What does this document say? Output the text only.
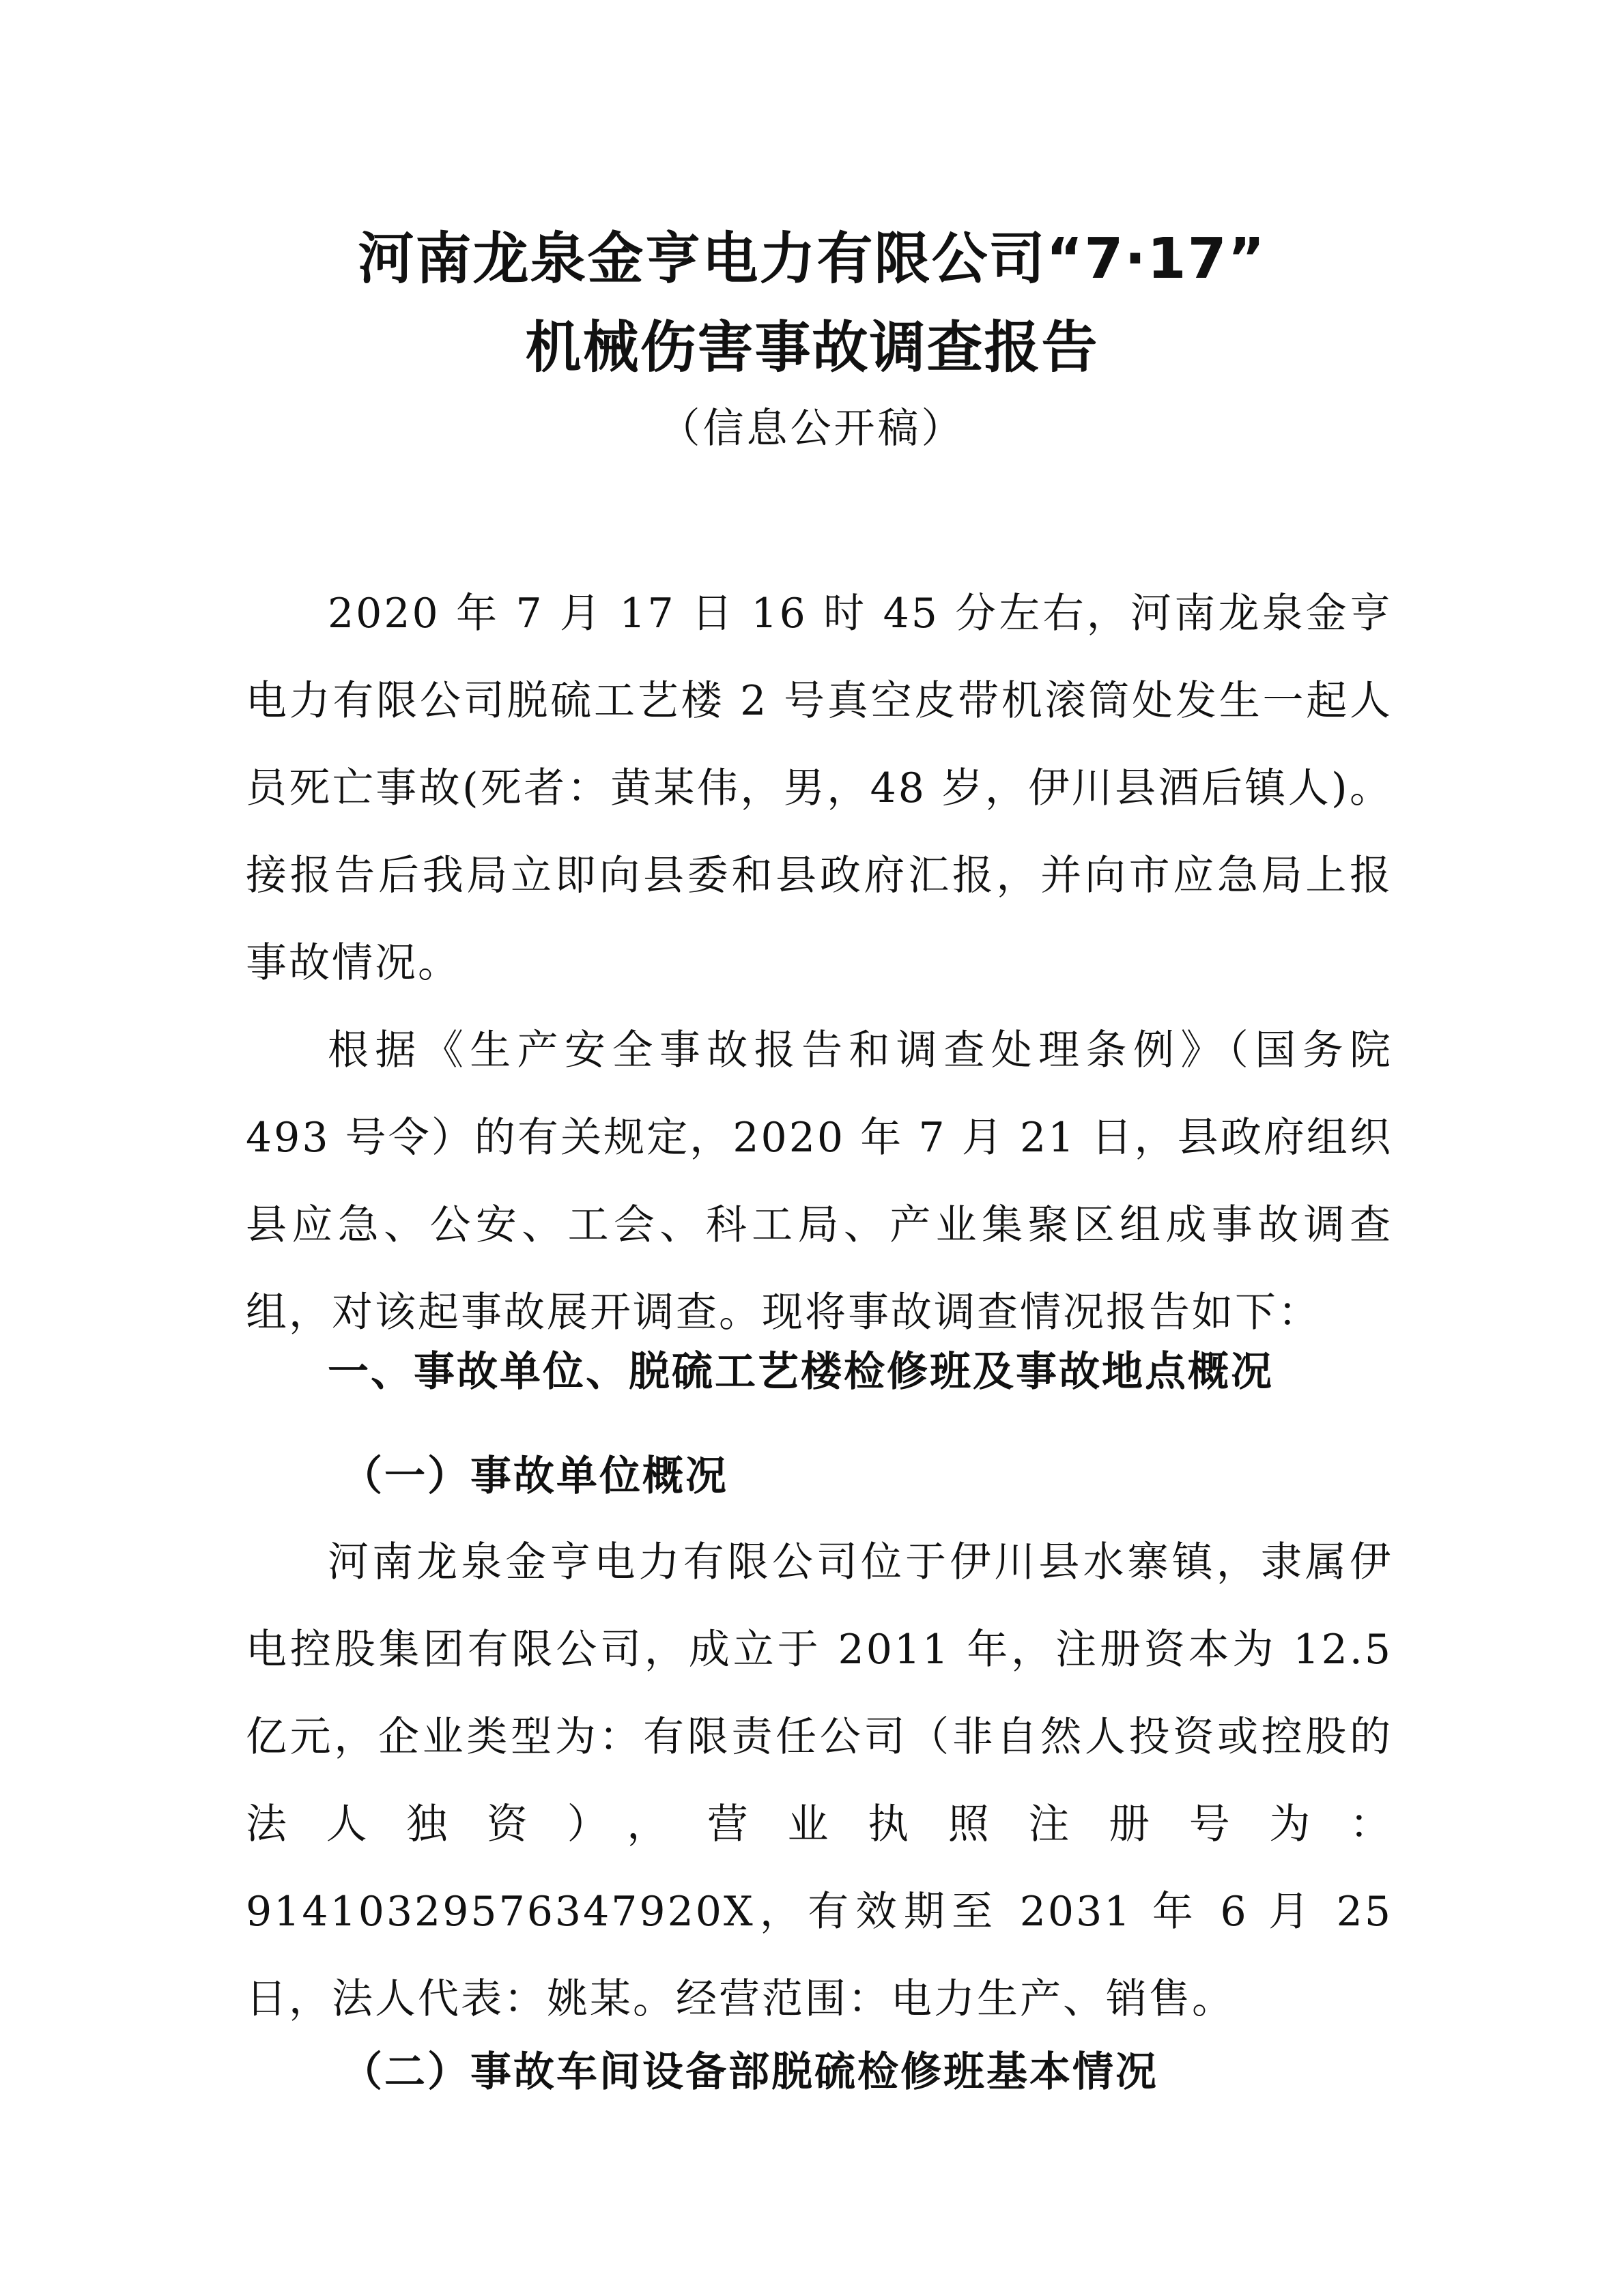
河南龙泉金亨电力有限公司“7·17”
机械伤害事故调查报告
（信息公开稿）

2020 年 7 月 17 日 16 时 45 分左右，河南龙泉金亨电力有限公司脱硫工艺楼 2 号真空皮带机滚筒处发生一起人员死亡事故(死者：黄某伟，男，48 岁，伊川县酒后镇人)。接报告后我局立即向县委和县政府汇报，并向市应急局上报事故情况。

根据《生产安全事故报告和调查处理条例》（国务院 493 号令）的有关规定，2020 年 7 月 21 日，县政府组织县应急、公安、工会、科工局、产业集聚区组成事故调查组，对该起事故展开调查。现将事故调查情况报告如下：

一、事故单位、脱硫工艺楼检修班及事故地点概况
（一）事故单位概况

河南龙泉金亨电力有限公司位于伊川县水寨镇，隶属伊电控股集团有限公司，成立于 2011 年，注册资本为 12.5 亿元，企业类型为：有限责任公司（非自然人投资或控股的法人独资），营业执照注册号为：91410329576347920X，有效期至 2031 年 6 月 25 日，法人代表：姚某。经营范围：电力生产、销售。

（二）事故车间设备部脱硫检修班基本情况
